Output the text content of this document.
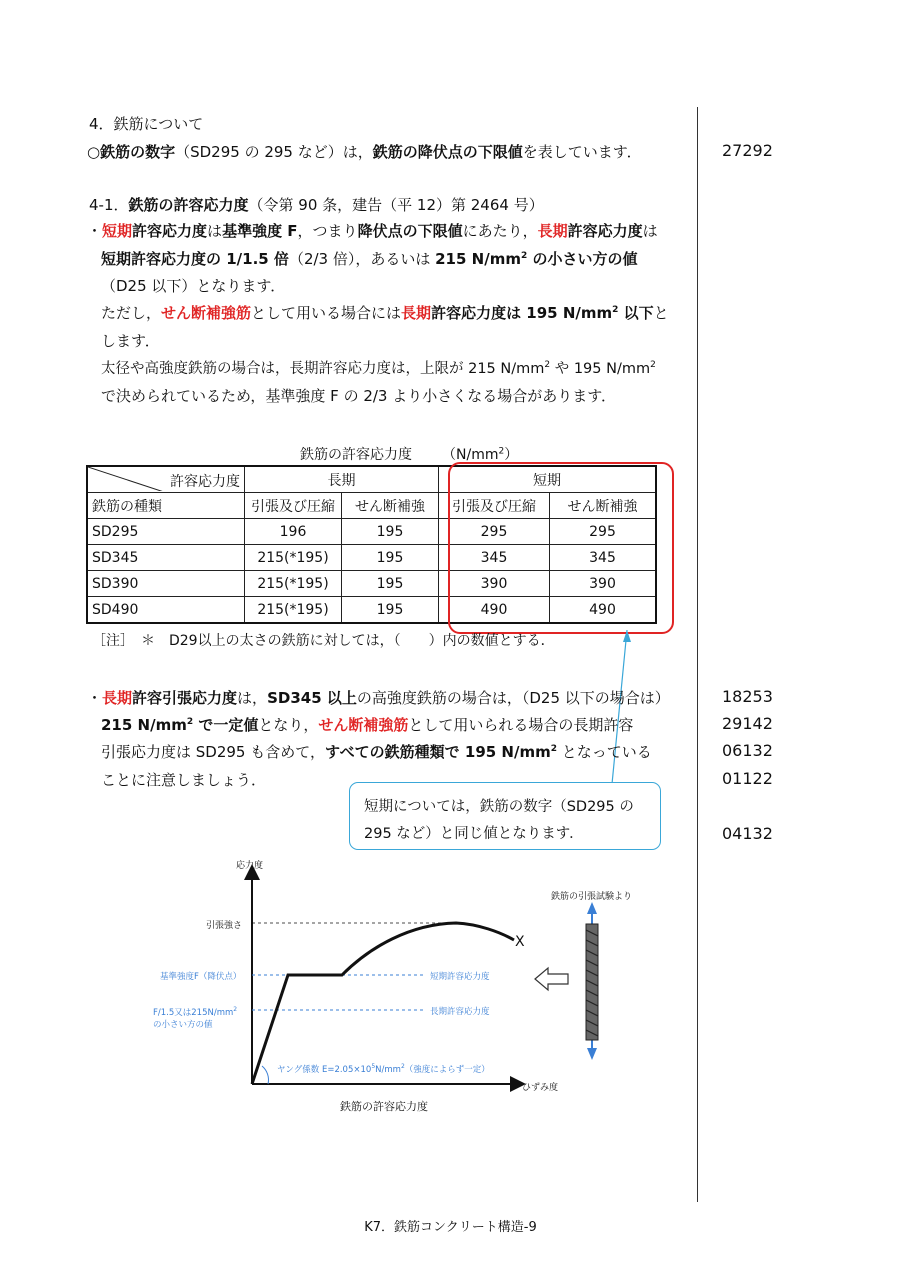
4．鉄筋について
○鉄筋の数字（SD295 の 295 など）は，鉄筋の降伏点の下限値を表しています．	27292
4-1．鉄筋の許容応力度（令第 90 条，建告（平 12）第 2464 号）
・短期許容応力度は基準強度 F，つまり降伏点の下限値にあたり，長期許容応力度は
短期許容応力度の 1/1.5 倍（2/3 倍），あるいは 215 $N/mm^2$ の小さい方の値
（D25 以下）となります．
ただし，せん断補強筋として用いる場合には長期許容応力度は 195 $N/mm^2$ 以下と
します．
太径や高強度鉄筋の場合は，長期許容応力度は，上限が 215 $N/mm^2$ や 195 $N/mm^2$
で決められているため，基準強度 F の 2/3 より小さくなる場合があります．
鉄筋の許容応力度 $(N/mm^2)$
許容応力度	長期		短期	
鉄筋の種類	引張及び圧縮	せん断補強	引張及び圧縮	せん断補強
SD295	196	195	295	295
SD345	215(*195)	195	345	345
SD390	215(*195)	195	390	390
SD490	215(*195)	195	490	490
［注］　＊　D29以上の太さの鉄筋に対しては，（　　）内の数値とする．
・長期許容引張応力度は，SD345 以上の高強度鉄筋の場合は，（D25 以下の場合は）
215 $N/mm^2$ で一定値となり，せん断補強筋として用いられる場合の長期許容
引張応力度は SD295 も含めて，すべての鉄筋種類で 195 $N/mm^2$ となっている
ことに注意しましょう．
18253
29142
06132
01122
04132
短期については，鉄筋の数字（SD295 の
295 など）と同じ値となります．
応力度
ひずみ度
引張強さ
基準強度F（降伏点）
F/1.5又は$215N/mm^2$
の小さい方の値
短期許容応力度
長期許容応力度
ヤング係数 $E=2.05\times 10^5N/mm^2$（強度によらず一定）
X
鉄筋の引張試験より
鉄筋の許容応力度
K7．鉄筋コンクリート構造-9
